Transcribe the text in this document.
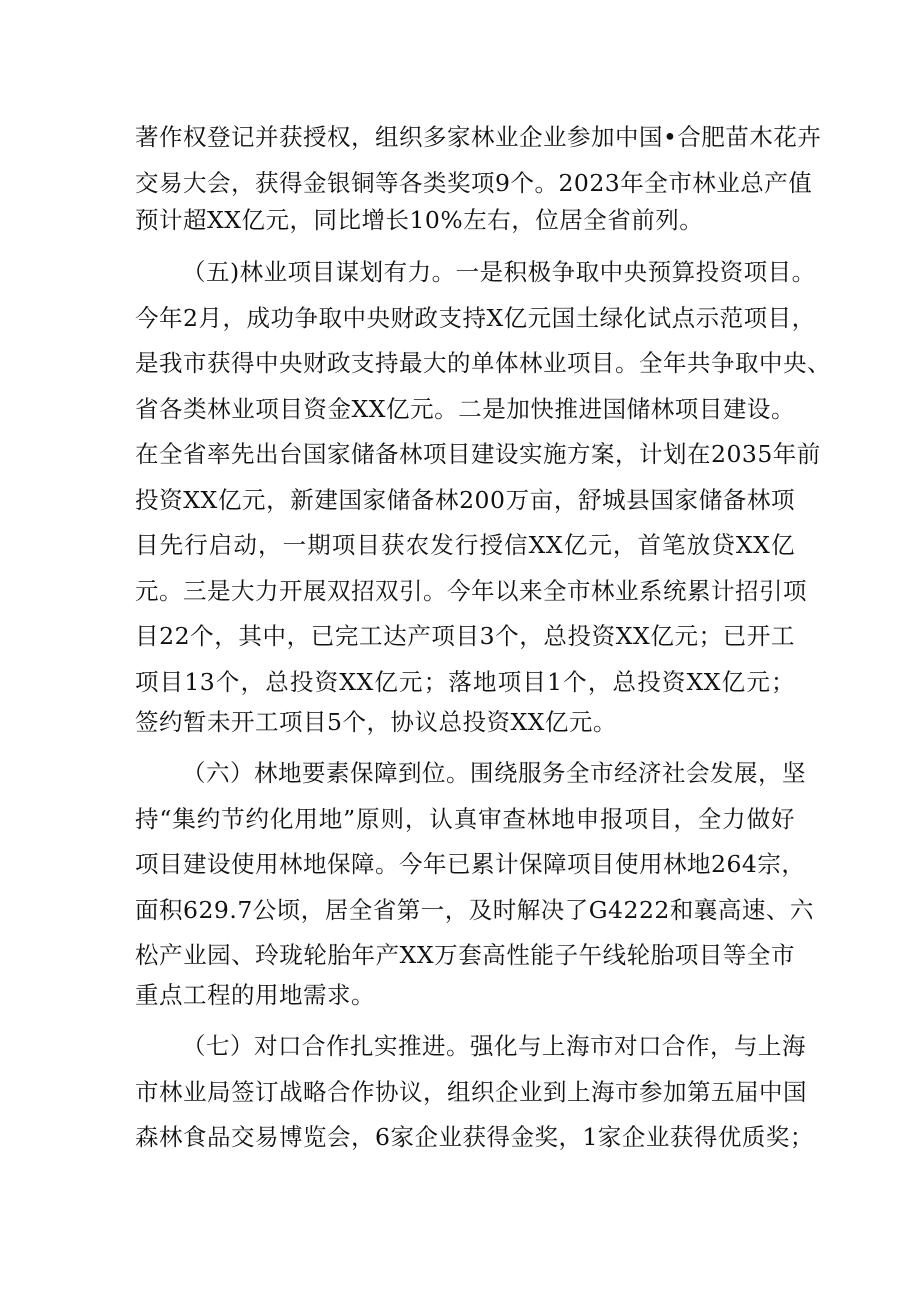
著作权登记并获授权，组织多家林业企业参加中国•合肥苗木花卉
交易大会，获得金银铜等各类奖项9个。2023年全市林业总产值
预计超XX亿元，同比增长10%左右，位居全省前列。
（五)林业项目谋划有力。一是积极争取中央预算投资项目。
今年2月，成功争取中央财政支持X亿元国土绿化试点示范项目，
是我市获得中央财政支持最大的单体林业项目。全年共争取中央、
省各类林业项目资金XX亿元。二是加快推进国储林项目建设。
在全省率先出台国家储备林项目建设实施方案，计划在2035年前
投资XX亿元，新建国家储备林200万亩，舒城县国家储备林项
目先行启动，一期项目获农发行授信XX亿元，首笔放贷XX亿
元。三是大力开展双招双引。今年以来全市林业系统累计招引项
目22个，其中，已完工达产项目3个，总投资XX亿元；已开工
项目13个，总投资XX亿元；落地项目1个，总投资XX亿元；
签约暂未开工项目5个，协议总投资XX亿元。
（六）林地要素保障到位。围绕服务全市经济社会发展，坚
持“集约节约化用地”原则，认真审查林地申报项目，全力做好
项目建设使用林地保障。今年已累计保障项目使用林地264宗，
面积629.7公顷，居全省第一，及时解决了G4222和襄高速、六
松产业园、玲珑轮胎年产XX万套高性能子午线轮胎项目等全市
重点工程的用地需求。
（七）对口合作扎实推进。强化与上海市对口合作，与上海
市林业局签订战略合作协议，组织企业到上海市参加第五届中国
森林食品交易博览会，6家企业获得金奖，1家企业获得优质奖；
